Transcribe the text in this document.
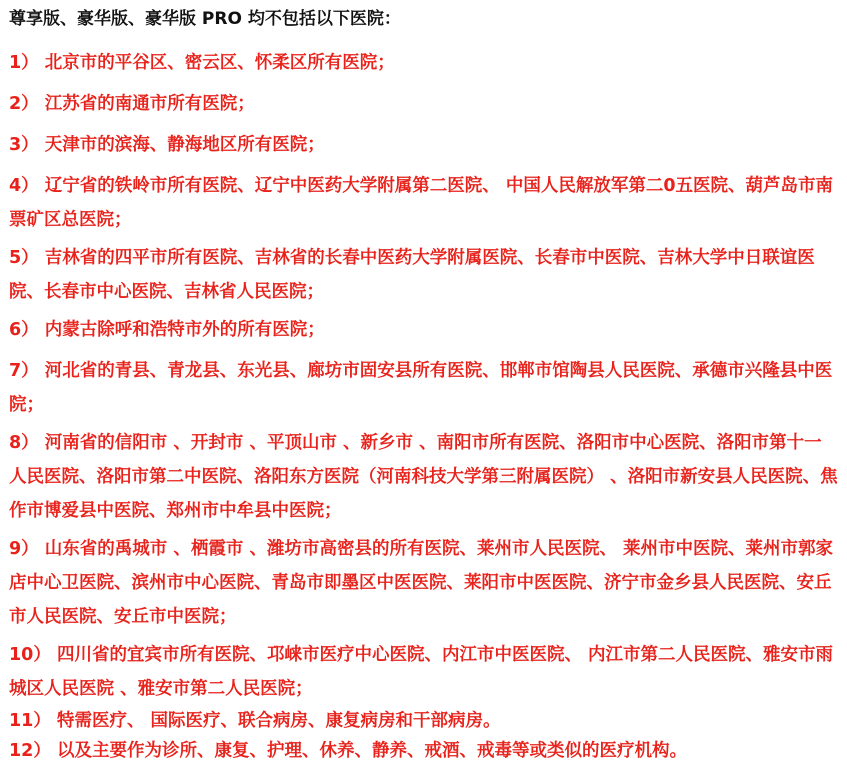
尊享版、豪华版、豪华版 PRO 均不包括以下医院：

1） 北京市的平谷区、密云区、怀柔区所有医院；

2） 江苏省的南通市所有医院；

3） 天津市的滨海、静海地区所有医院；

4） 辽宁省的铁岭市所有医院、辽宁中医药大学附属第二医院、 中国人民解放军第二0五医院、葫芦岛市南票矿区总医院；

5） 吉林省的四平市所有医院、吉林省的长春中医药大学附属医院、长春市中医院、吉林大学中日联谊医院、长春市中心医院、吉林省人民医院；

6） 内蒙古除呼和浩特市外的所有医院；

7） 河北省的青县、青龙县、东光县、廊坊市固安县所有医院、邯郸市馆陶县人民医院、承德市兴隆县中医院；

8） 河南省的信阳市 、开封市 、平顶山市 、新乡市 、南阳市所有医院、洛阳市中心医院、洛阳市第十一人民医院、洛阳市第二中医院、洛阳东方医院（河南科技大学第三附属医院） 、洛阳市新安县人民医院、焦作市博爱县中医院、郑州市中牟县中医院；

9） 山东省的禹城市 、栖霞市 、潍坊市高密县的所有医院、莱州市人民医院、 莱州市中医院、莱州市郭家店中心卫医院、滨州市中心医院、青岛市即墨区中医医院、莱阳市中医医院、济宁市金乡县人民医院、安丘市人民医院、安丘市中医院；

10） 四川省的宜宾市所有医院、邛崃市医疗中心医院、内江市中医医院、 内江市第二人民医院、雅安市雨城区人民医院 、雅安市第二人民医院；

11） 特需医疗、 国际医疗、联合病房、康复病房和干部病房。

12） 以及主要作为诊所、康复、护理、休养、静养、戒酒、戒毒等或类似的医疗机构。
